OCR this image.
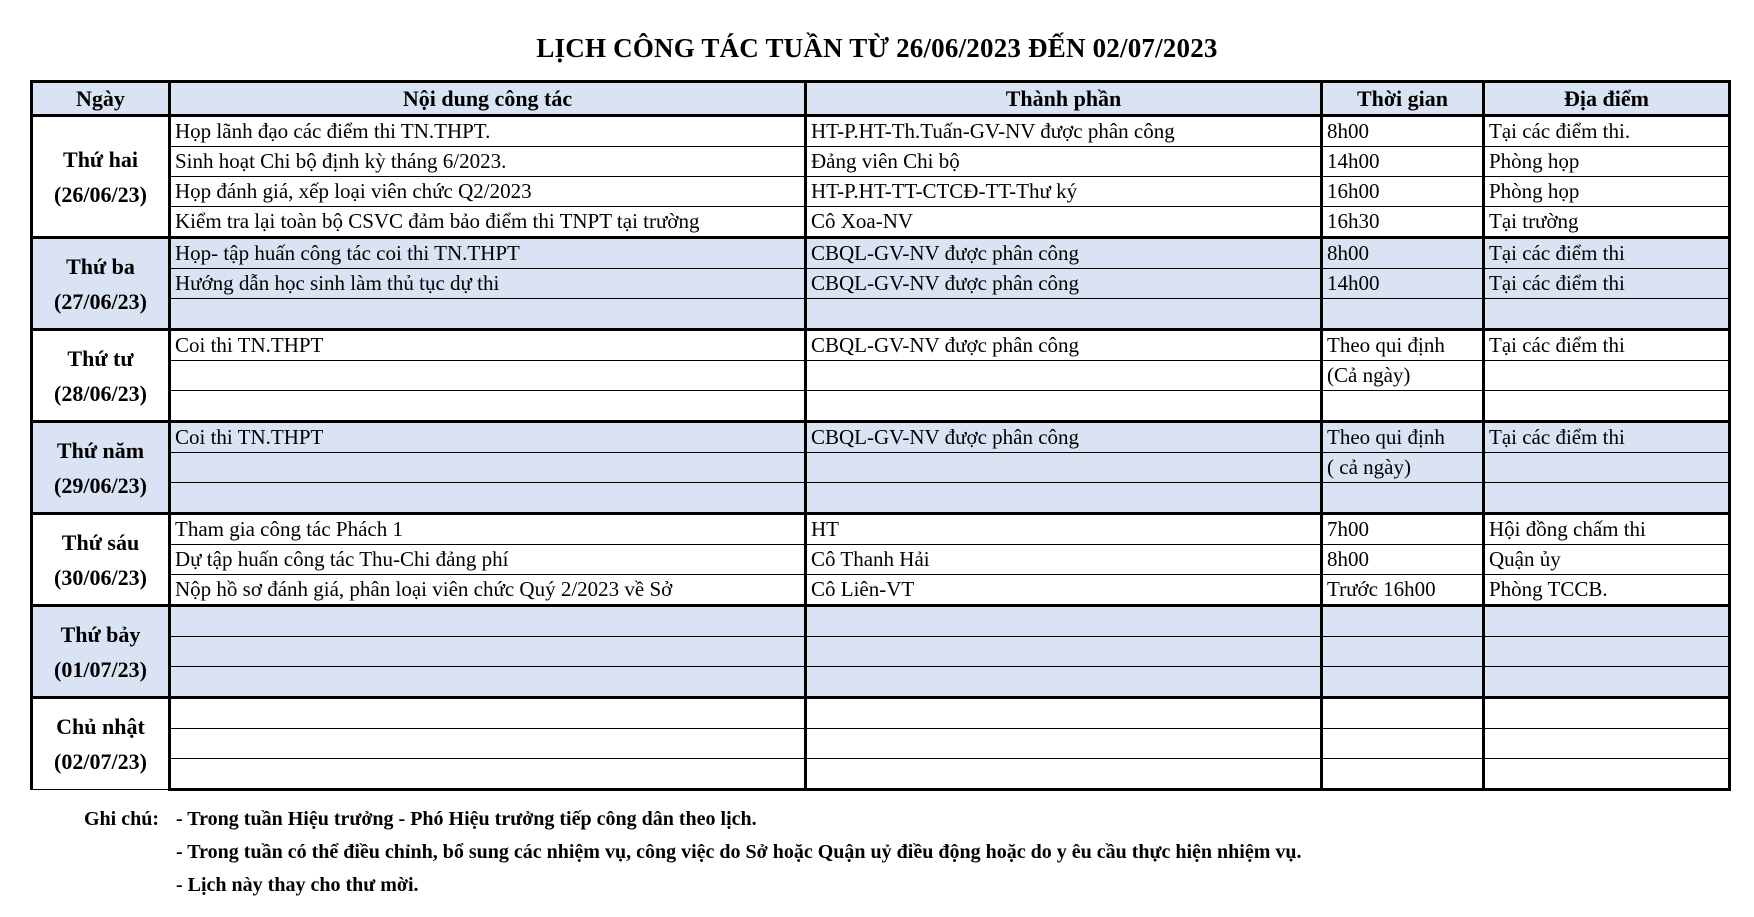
LỊCH CÔNG TÁC TUẦN TỪ 26/06/2023 ĐẾN 02/07/2023
Ngày	Nội dung công tác	Thành phần	Thời gian	Địa điểm

Thứ hai
(26/06/23)	Họp lãnh đạo các điểm thi TN.THPT.	HT-P.HT-Th.Tuấn-GV-NV được phân công	8h00	Tại các điểm thi.
	Sinh hoạt Chi bộ định kỳ tháng 6/2023.	Đảng viên Chi bộ	14h00	Phòng họp
	Họp đánh giá, xếp loại viên chức Q2/2023	HT-P.HT-TT-CTCĐ-TT-Thư ký	16h00	Phòng họp
	Kiểm tra lại toàn bộ CSVC đảm bảo điểm thi TNPT tại trường	Cô Xoa-NV	16h30	Tại trường

Thứ ba
(27/06/23)	Họp- tập huấn công tác coi thi TN.THPT	CBQL-GV-NV được phân công	8h00	Tại các điểm thi
	Hướng dẫn học sinh làm thủ tục dự thi	CBQL-GV-NV được phân công	14h00	Tại các điểm thi

Thứ tư
(28/06/23)	Coi thi TN.THPT	CBQL-GV-NV được phân công	Theo qui định	Tại các điểm thi
			(Cả ngày)	

Thứ năm
(29/06/23)	Coi thi TN.THPT	CBQL-GV-NV được phân công	Theo qui định	Tại các điểm thi
			( cả ngày)	

Thứ sáu
(30/06/23)	Tham gia công tác Phách 1	HT	7h00	Hội đồng chấm thi
	Dự tập huấn công tác Thu-Chi đảng phí	Cô Thanh Hải	8h00	Quận ủy
	Nộp hồ sơ đánh giá, phân loại viên chức Quý 2/2023 về Sở	Cô Liên-VT	Trước 16h00	Phòng TCCB.

Thứ bảy
(01/07/23)				

Chủ nhật
(02/07/23)				

Ghi chú: - Trong tuần Hiệu trưởng - Phó Hiệu trưởng tiếp công dân theo lịch.
- Trong tuần có thể điều chỉnh, bổ sung các nhiệm vụ, công việc do Sở hoặc Quận uỷ điều động hoặc do y êu cầu thực hiện nhiệm vụ.
- Lịch này thay cho thư mời.
